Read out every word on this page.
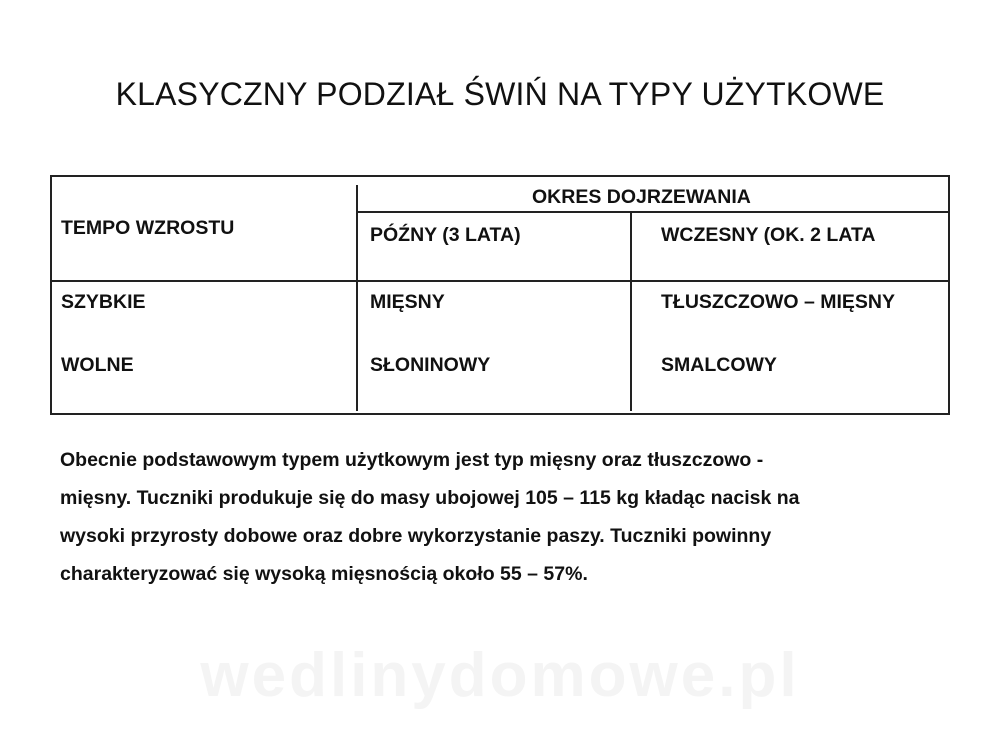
wedlinydomowe.pl
KLASYCZNY PODZIAŁ ŚWIŃ NA TYPY UŻYTKOWE
OKRES DOJRZEWANIA
TEMPO WZROSTU	PÓŹNY (3 LATA)	WCZESNY (OK. 2 LATA
SZYBKIE	MIĘSNY	TŁUSZCZOWO – MIĘSNY
WOLNE	SŁONINOWY	SMALCOWY
Obecnie podstawowym typem użytkowym jest typ mięsny oraz tłuszczowo -
mięsny. Tuczniki produkuje się do masy ubojowej 105 – 115 kg kładąc nacisk na
wysoki przyrosty dobowe oraz dobre wykorzystanie paszy. Tuczniki powinny
charakteryzować się wysoką mięsnością około 55 – 57%.
